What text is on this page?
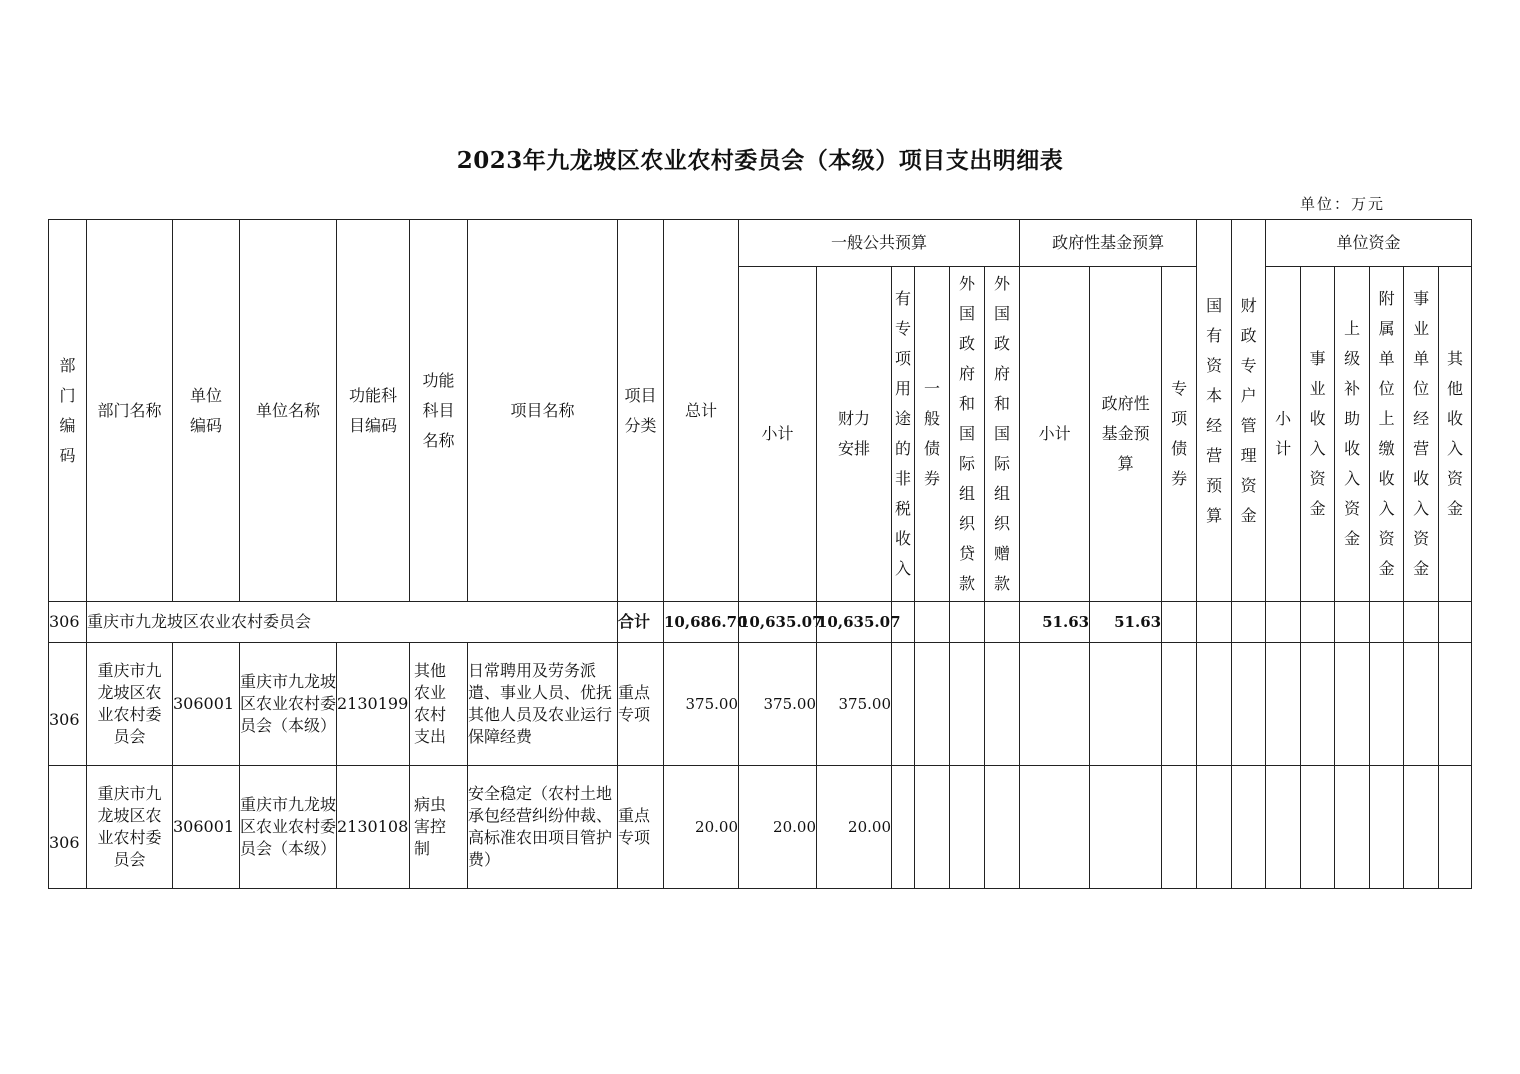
2023年九龙坡区农业农村委员会（本级）项目支出明细表
单位：万元
部门编码	部门名称	单位编码	单位名称	功能科目编码	功能科目名称	项目名称	项目分类	总计	一般公共预算						政府性基金预算			国有资本经营预算	财政专户管理资金	单位资金					
									小计	财力安排	有专项用途的非税收入	一般债券	外国政府和国际组织贷款	外国政府和国际组织赠款	小计	政府性基金预算	专项债券			小计	事业收入资金	上级补助收入资金	附属单位上缴收入资金	事业单位经营收入资金	其他收入资金
306	重庆市九龙坡区农业农村委员会						合计	10,686.70	10,635.07	10,635.07					51.63	51.63									
306	重庆市九龙坡区农业农村委员会	306001	重庆市九龙坡区农业农村委员会（本级）	2130199	其他农业农村支出	日常聘用及劳务派遣、事业人员、优抚其他人员及农业运行保障经费	重点专项	375.00	375.00	375.00															
306	重庆市九龙坡区农业农村委员会	306001	重庆市九龙坡区农业农村委员会（本级）	2130108	病虫害控制	安全稳定（农村土地承包经营纠纷仲裁、高标准农田项目管护费）	重点专项	20.00	20.00	20.00															
